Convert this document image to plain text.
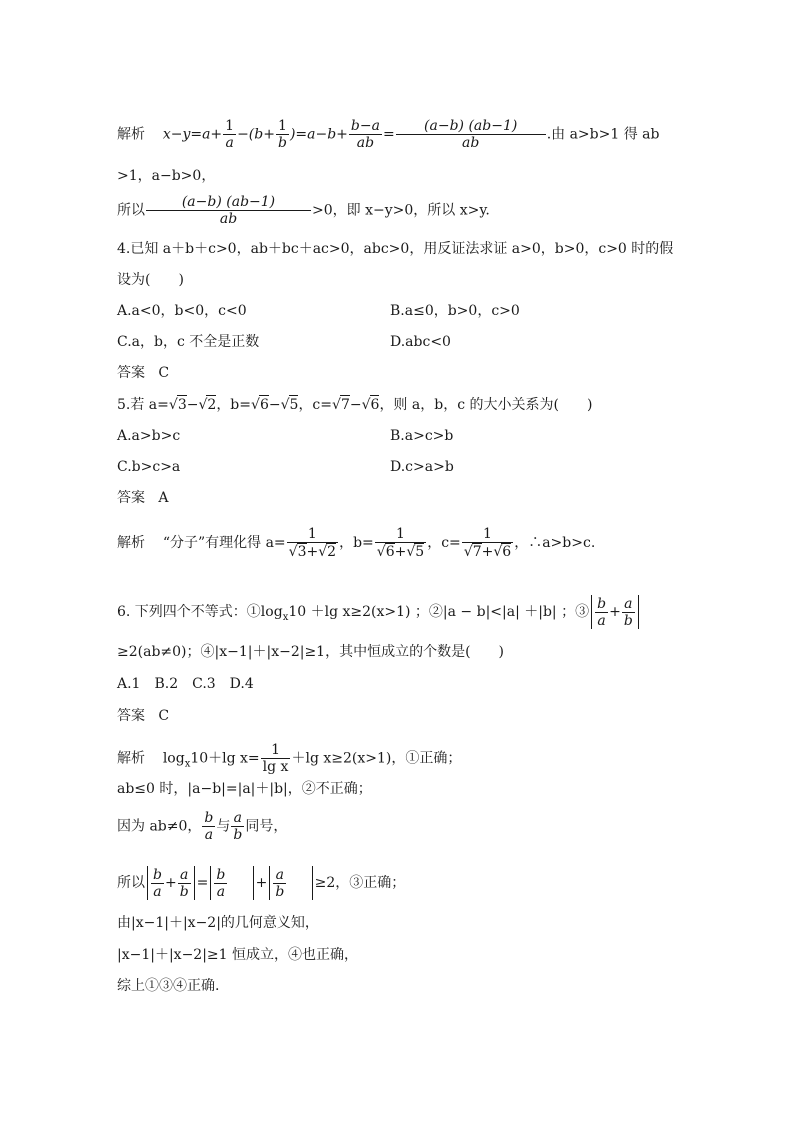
解析 $x-y=a+ \frac{1}{a} -(b+ \frac{1}{b} )=a-b+ \frac{b-a}{ab} = \frac{(a-b) (ab-1)}{ab}$ .由 a>b>1 得 ab
>1，a−b>0，
所以 $\frac{(a-b) (ab-1)}{ab} >0$，即 x−y>0，所以 x>y.
4.已知 a＋b＋c>0，ab＋bc＋ac>0，abc>0，用反证法求证 a>0，b>0，c>0 时的假
设为(　　)
A.a<0，b<0，c<0	B.a≤0，b>0，c>0
C.a，b，c 不全是正数	D.abc<0
答案 C
5.若 a=√3−√2，b=√6−√5，c=√7−√6，则 a，b，c 的大小关系为(　　)
A.a>b>c	B.a>c>b
C.b>c>a	D.c>a>b
答案 A
解析 “分子”有理化得 $a= \frac{1}{√3+√2}$ ，$b= \frac{1}{√6+√5}$ ，$c= \frac{1}{√7+√6}$ ，∴a>b>c.
6. 下列四个不等式：$①\log_x10 +\lg$ x≥2(x>1) ；②|a − b|<|a| ＋|b| ；③ $\frac{b}{a} + \frac{a}{b}$
≥2(ab≠0)；④|x−1|＋|x−2|≥1，其中恒成立的个数是(　　)
A.1　B.2　C.3　D.4
答案 C
解析 $\log_x10+\lg$ $x= \frac{1}{\text{lg x}} +\lg$ x≥2(x>1)，①正确；
ab≤0 时，|a−b|=|a|＋|b|，②不正确；
因为 ab≠0， $\frac{b}{a}$ 与 $\frac{a}{b}$ 同号，
所以 $\frac{b}{a} + \frac{a}{b} = \frac{b}{a} + \frac{a}{b} \ge 2$，③正确；
由|x−1|＋|x−2|的几何意义知，
|x−1|＋|x−2|≥1 恒成立，④也正确，
综上①③④正确.
